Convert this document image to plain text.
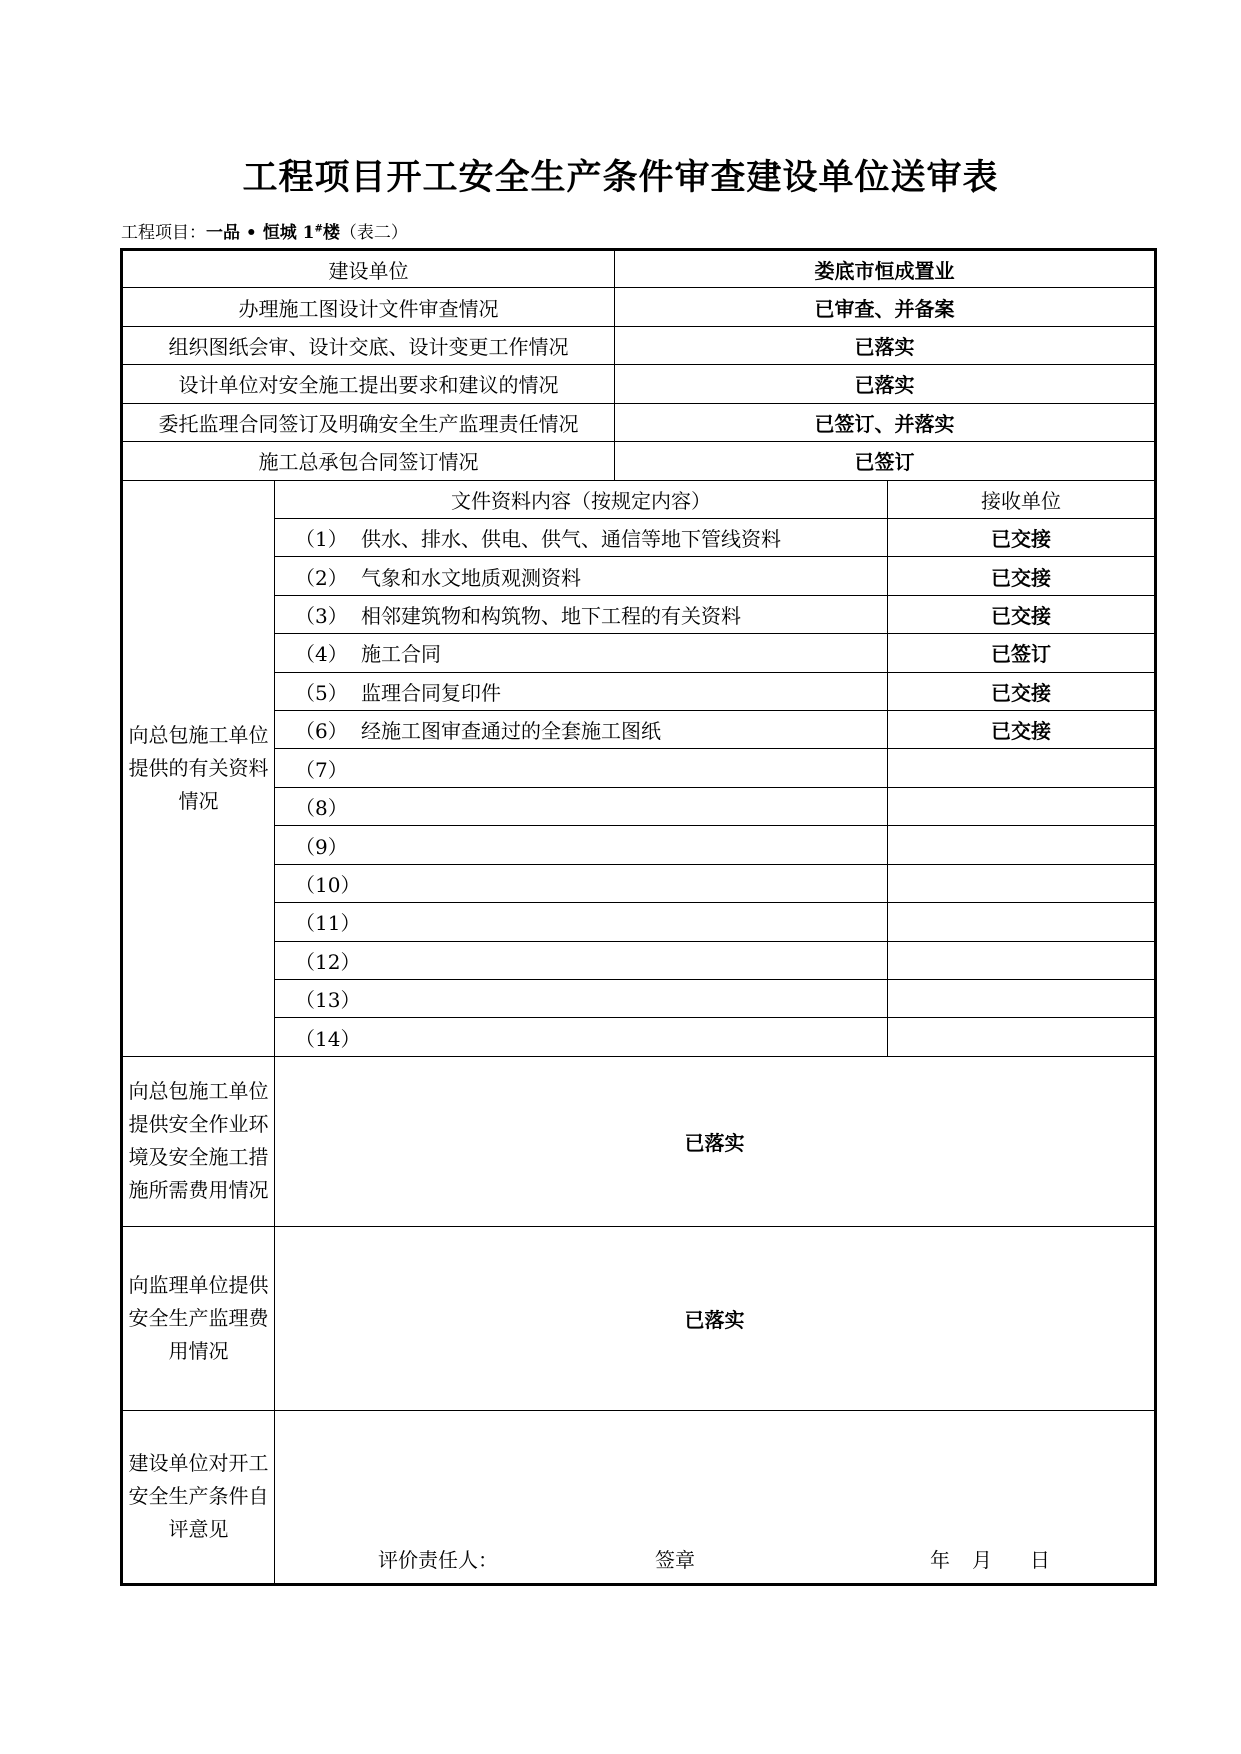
工程项目开工安全生产条件审查建设单位送审表
工程项目：一品 • 恒城 1#楼（表二）
建设单位		娄底市恒成置业	
办理施工图设计文件审查情况		已审查、并备案	
组织图纸会审、设计交底、设计变更工作情况		已落实	
设计单位对安全施工提出要求和建议的情况		已落实	
委托监理合同签订及明确安全生产监理责任情况		已签订、并落实	
施工总承包合同签订情况		已签订	
向总包施工单位提供的有关资料情况	文件资料内容（按规定内容）		接收单位
	（1） 供水、排水、供电、供气、通信等地下管线资料		已交接
	（2） 气象和水文地质观测资料		已交接
	（3） 相邻建筑物和构筑物、地下工程的有关资料		已交接
	（4） 施工合同		已签订
	（5） 监理合同复印件		已交接
	（6） 经施工图审查通过的全套施工图纸		已交接
	（7）		
	（8）		
	（9）		
	（10）		
	（11）		
	（12）		
	（13）		
	（14）		
向总包施工单位提供安全作业环境及安全施工措施所需费用情况	已落实		
向监理单位提供安全生产监理费用情况	已落实		
建设单位对开工安全生产条件自评意见	评价责任人： 签章 年 月 日		
